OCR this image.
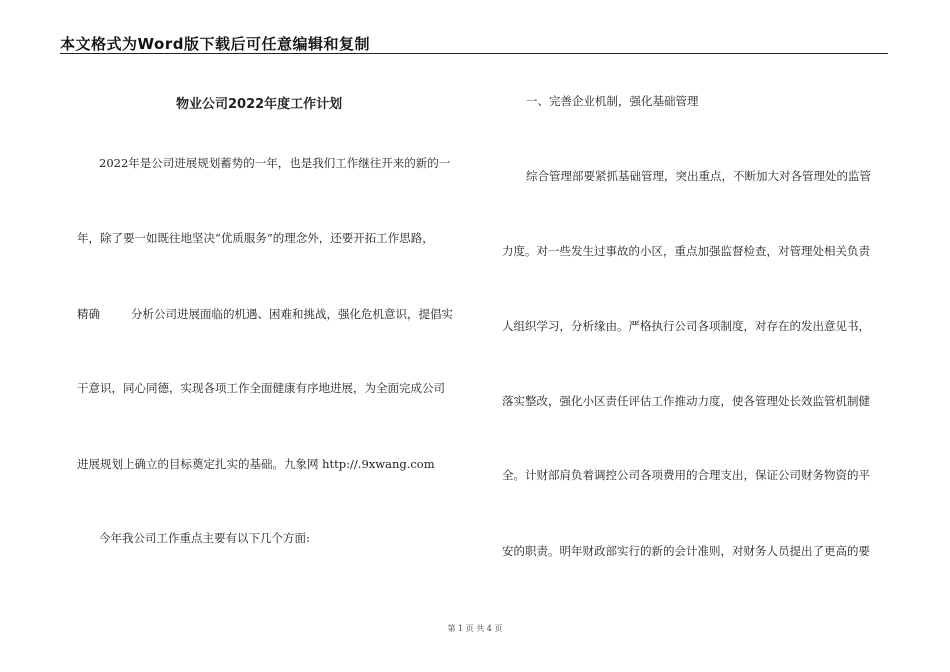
本文格式为Word版下载后可任意编辑和复制
物业公司2022年度工作计划
2022年是公司进展规划蓄势的一年，也是我们工作继往开来的新的一
年，除了要一如既往地坚决“优质服务”的理念外，还要开拓工作思路，
精确	分析公司进展面临的机遇、困难和挑战，强化危机意识，提倡实
干意识，同心同德，实现各项工作全面健康有序地进展，为全面完成公司
进展规划上确立的目标奠定扎实的基础。九象网 http://.9xwang.com
今年我公司工作重点主要有以下几个方面:
一、完善企业机制，强化基础管理
综合管理部要紧抓基础管理，突出重点，不断加大对各管理处的监管
力度。对一些发生过事故的小区，重点加强监督检查，对管理处相关负责
人组织学习，分析缘由。严格执行公司各项制度，对存在的发出意见书，
落实整改，强化小区责任评估工作推动力度，使各管理处长效监管机制健
全。计财部肩负着调控公司各项费用的合理支出，保证公司财务物资的平
安的职责。明年财政部实行的新的会计准则，对财务人员提出了更高的要
第 1 页 共 4 页
